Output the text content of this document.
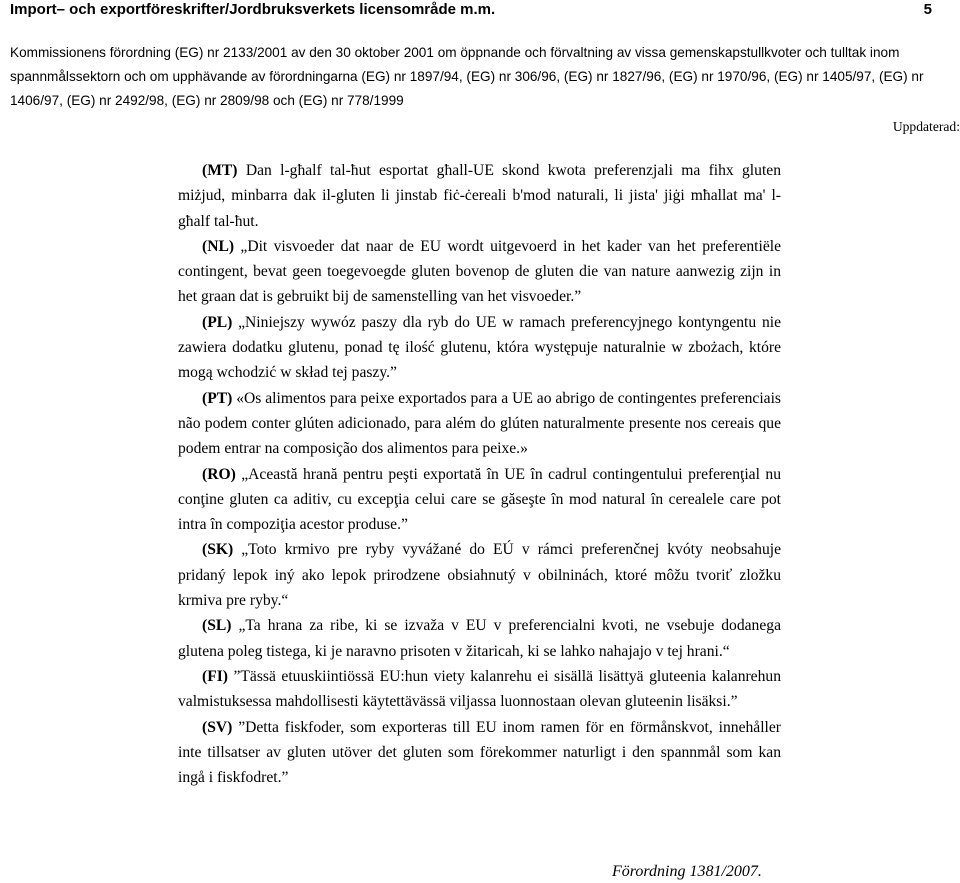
Import– och exportföreskrifter/Jordbruksverkets licensområde m.m.	5
Kommissionens förordning (EG) nr 2133/2001 av den 30 oktober 2001 om öppnande och förvaltning av vissa gemenskapstullkvoter och tulltak inom spannmålssektorn och om upphävande av förordningarna (EG) nr 1897/94, (EG) nr 306/96, (EG) nr 1827/96, (EG) nr 1970/96, (EG) nr 1405/97, (EG) nr 1406/97, (EG) nr 2492/98, (EG) nr 2809/98 och (EG) nr 778/1999
Uppdaterad:

(MT) Dan l-għalf tal-ħut esportat għall-UE skond kwota preferenzjali ma fihx gluten miżjud, minbarra dak il-gluten li jinstab fiċ-ċereali b'mod naturali, li jista' jiġi mħallat ma' l-għalf tal-ħut.

(NL) „Dit visvoeder dat naar de EU wordt uitgevoerd in het kader van het preferentiële contingent, bevat geen toegevoegde gluten bovenop de gluten die van nature aanwezig zijn in het graan dat is gebruikt bij de samenstelling van het visvoeder.”

(PL) „Niniejszy wywóz paszy dla ryb do UE w ramach preferencyjnego kontyngentu nie zawiera dodatku glutenu, ponad tę ilość glutenu, która występuje naturalnie w zbożach, które mogą wchodzić w skład tej paszy.”

(PT) «Os alimentos para peixe exportados para a UE ao abrigo de contingentes preferenciais não podem conter glúten adicionado, para além do glúten naturalmente presente nos cereais que podem entrar na composição dos alimentos para peixe.»

(RO) „Această hrană pentru peşti exportată în UE în cadrul contingentului preferenţial nu conţine gluten ca aditiv, cu excepţia celui care se găseşte în mod natural în cerealele care pot intra în compoziţia acestor produse.”

(SK) „Toto krmivo pre ryby vyvážané do EÚ v rámci preferenčnej kvóty neobsahuje pridaný lepok iný ako lepok prirodzene obsiahnutý v obilninách, ktoré môžu tvoriť zložku krmiva pre ryby.“

(SL) „Ta hrana za ribe, ki se izvaža v EU v preferencialni kvoti, ne vsebuje dodanega glutena poleg tistega, ki je naravno prisoten v žitaricah, ki se lahko nahajajo v tej hrani.“

(FI) ”Tässä etuuskiintiössä EU:hun viety kalanrehu ei sisällä lisättyä gluteenia kalanrehun valmistuksessa mahdollisesti käytettävässä viljassa luonnostaan olevan gluteenin lisäksi.”

(SV) ”Detta fiskfoder, som exporteras till EU inom ramen för en förmånskvot, innehåller inte tillsatser av gluten utöver det gluten som förekommer naturligt i den spannmål som kan ingå i fiskfodret.”

Förordning 1381/2007.
